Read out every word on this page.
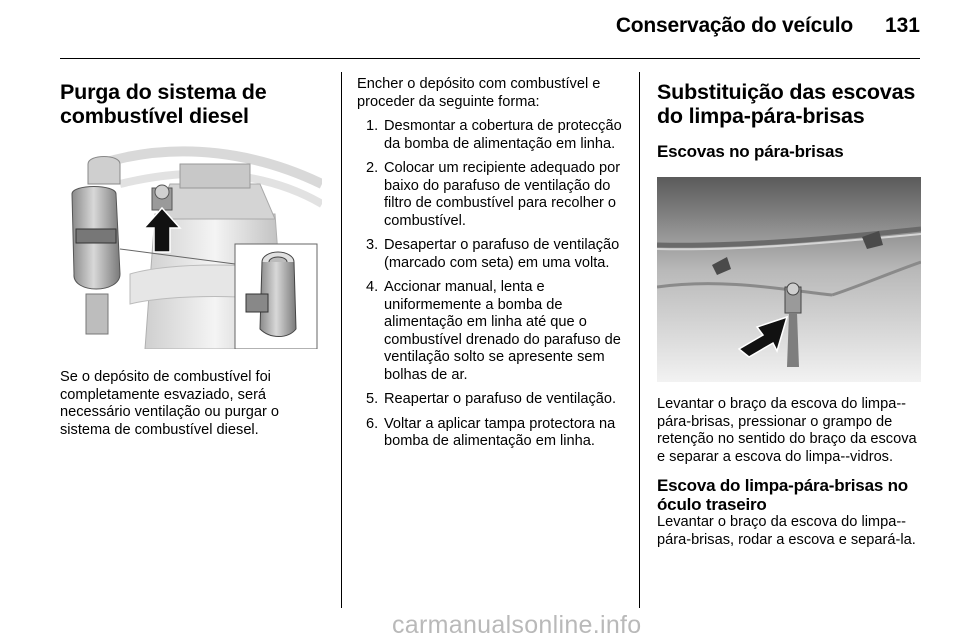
Conservação do veículo 131
Purga do sistema de combustível diesel

Se o depósito de combustível foi completamente esvaziado, será necessário ventilação ou purgar o sistema de combustível diesel.

Encher o depósito com combustível e proceder da seguinte forma:

1. Desmontar a cobertura de protecção da bomba de alimentação em linha.
2. Colocar um recipiente adequado por baixo do parafuso de ventilação do filtro de combustível para recolher o combustível.
3. Desapertar o parafuso de ventilação (marcado com seta) em uma volta.
4. Accionar manual, lenta e uniformemente a bomba de alimentação em linha até que o combustível drenado do parafuso de ventilação solto se apresente sem bolhas de ar.
5. Reapertar o parafuso de ventilação.
6. Voltar a aplicar tampa protectora na bomba de alimentação em linha.
Substituição das escovas do limpa-pára-brisas
Escovas no pára-brisas

Levantar o braço da escova do limpa--pára-brisas, pressionar o grampo de retenção no sentido do braço da escova e separar a escova do limpa--vidros.

Escova do limpa-pára-brisas no óculo traseiro

Levantar o braço da escova do limpa--pára-brisas, rodar a escova e separá-la.

carmanualsonline.info
